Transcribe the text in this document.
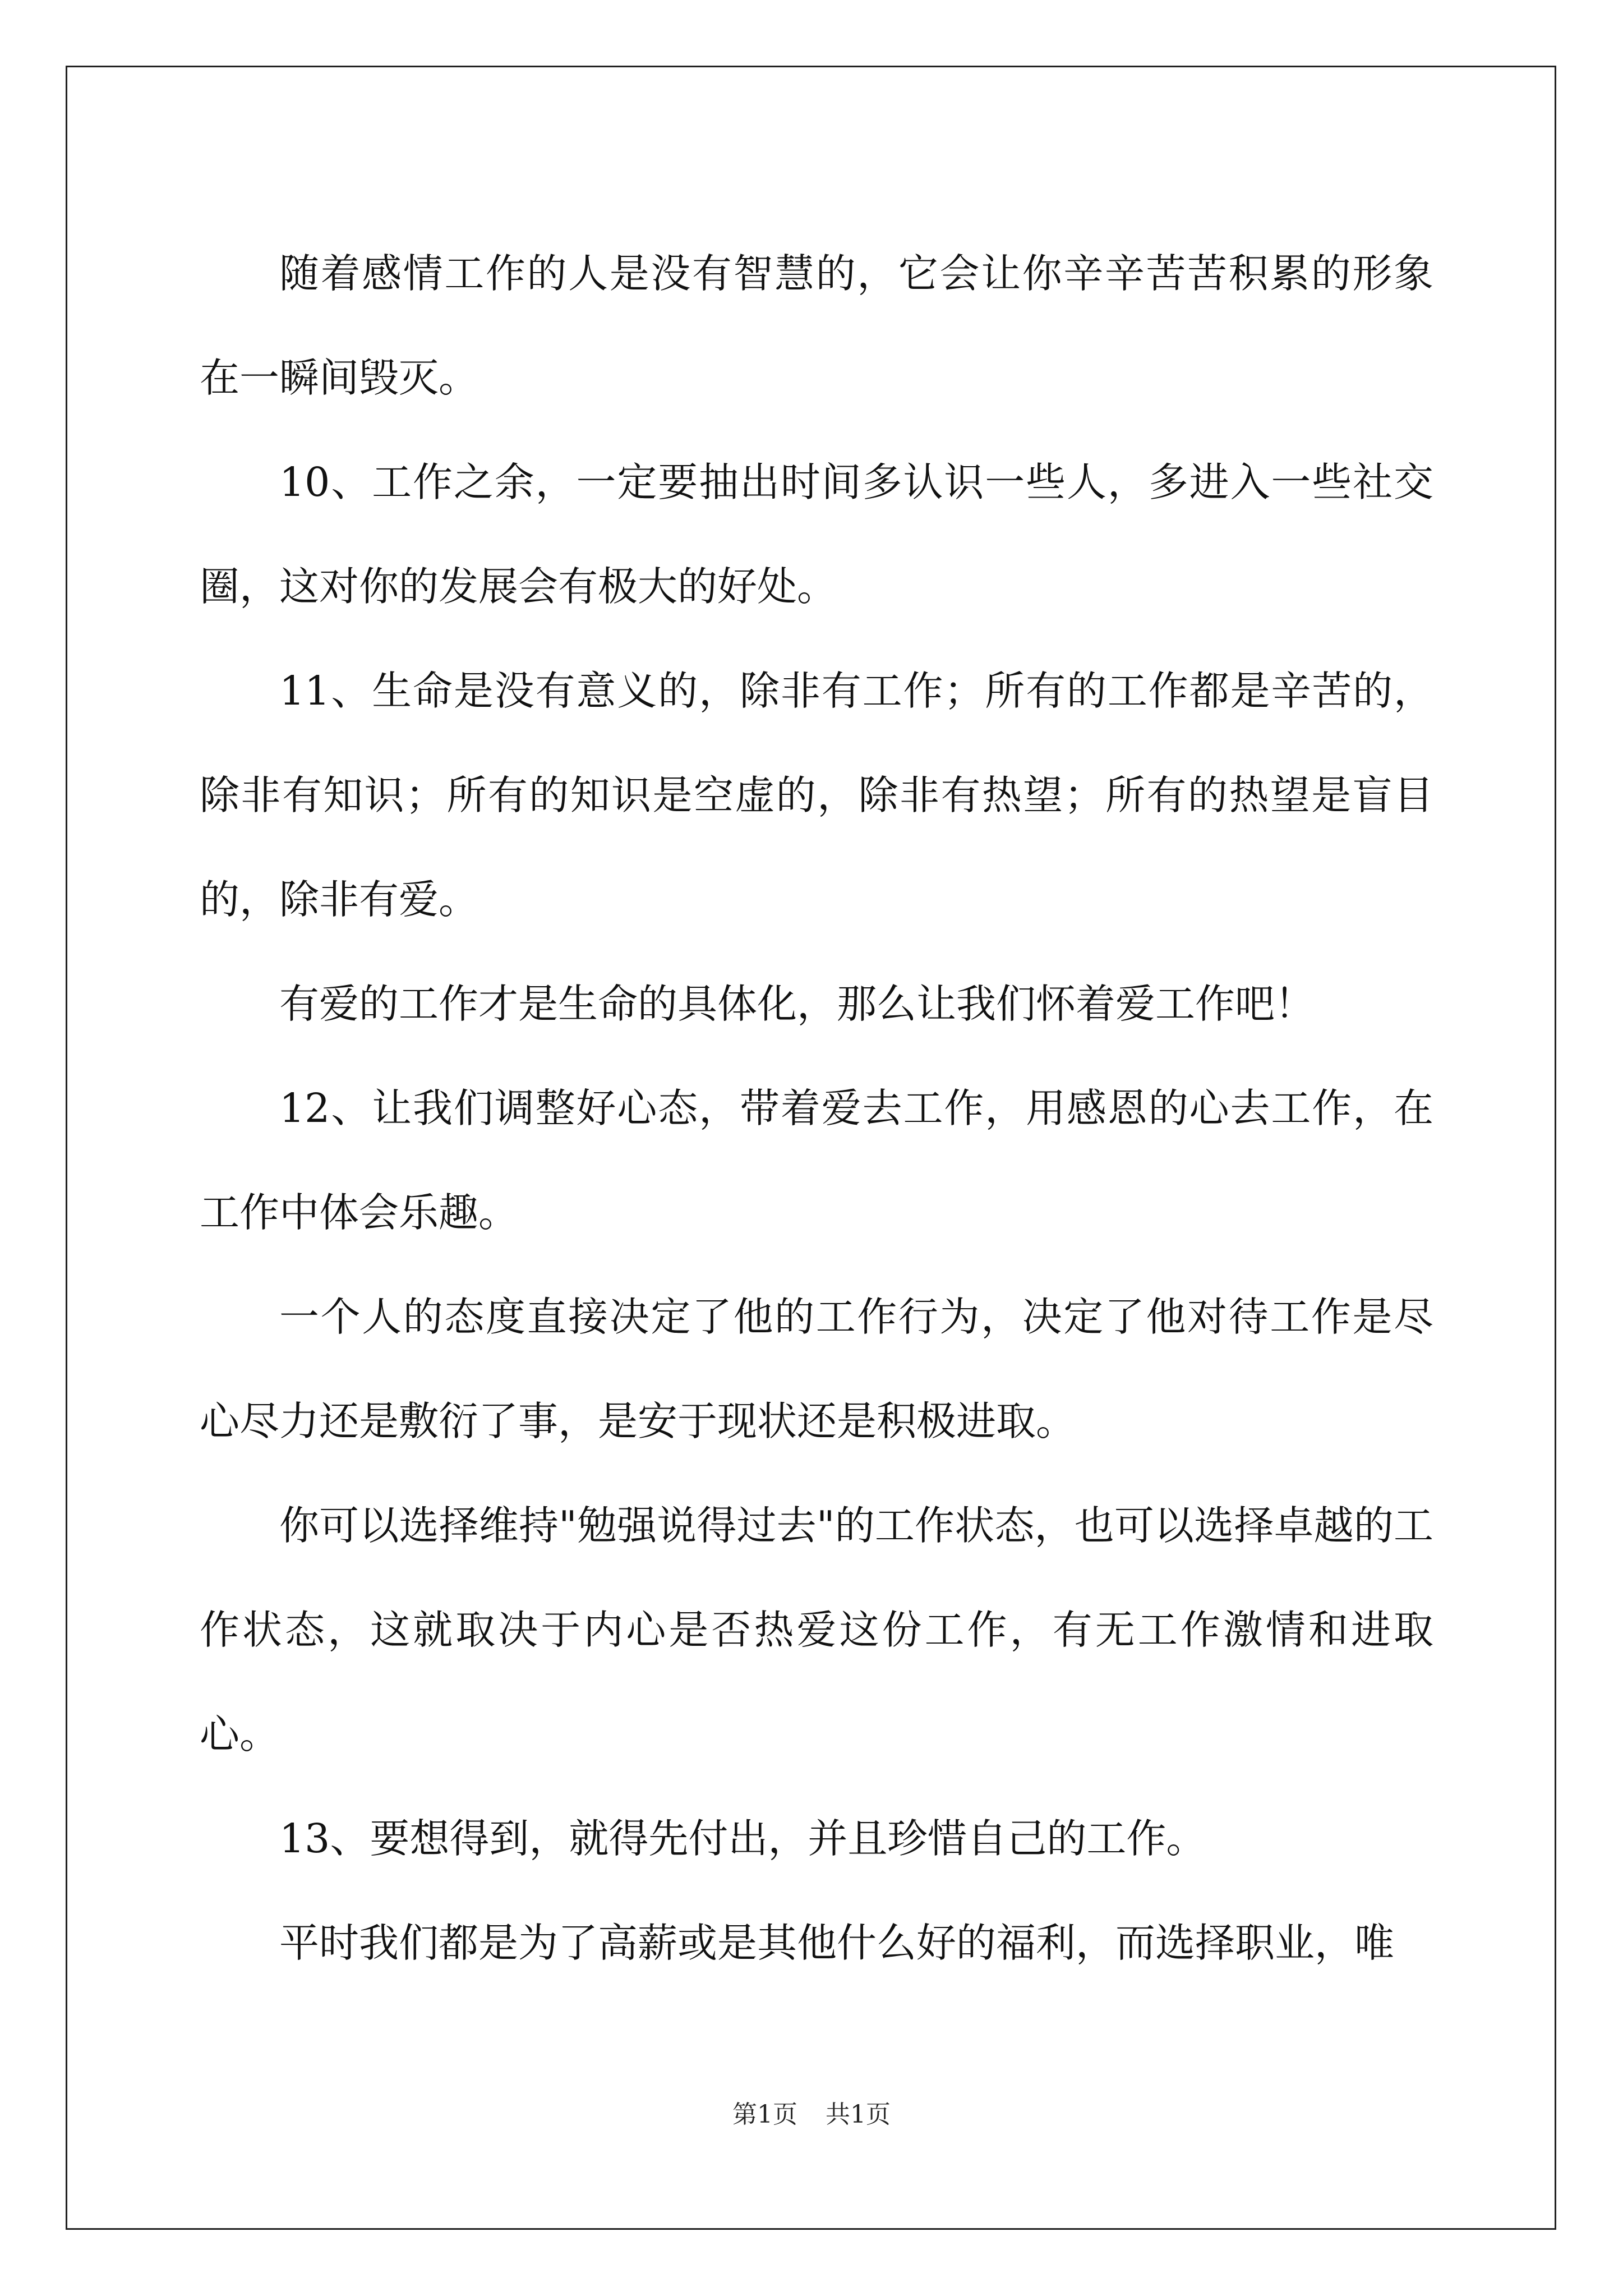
随着感情工作的人是没有智慧的，它会让你辛辛苦苦积累的形象在一瞬间毁灭。

10、工作之余，一定要抽出时间多认识一些人，多进入一些社交圈，这对你的发展会有极大的好处。

11、生命是没有意义的，除非有工作；所有的工作都是辛苦的，除非有知识；所有的知识是空虚的，除非有热望；所有的热望是盲目的，除非有爱。

有爱的工作才是生命的具体化，那么让我们怀着爱工作吧！

12、让我们调整好心态，带着爱去工作，用感恩的心去工作，在工作中体会乐趣。

一个人的态度直接决定了他的工作行为，决定了他对待工作是尽心尽力还是敷衍了事，是安于现状还是积极进取。

你可以选择维持"勉强说得过去"的工作状态，也可以选择卓越的工作状态，这就取决于内心是否热爱这份工作，有无工作激情和进取心。

13、要想得到，就得先付出，并且珍惜自己的工作。

平时我们都是为了高薪或是其他什么好的福利，而选择职业，唯

第1页 共1页
